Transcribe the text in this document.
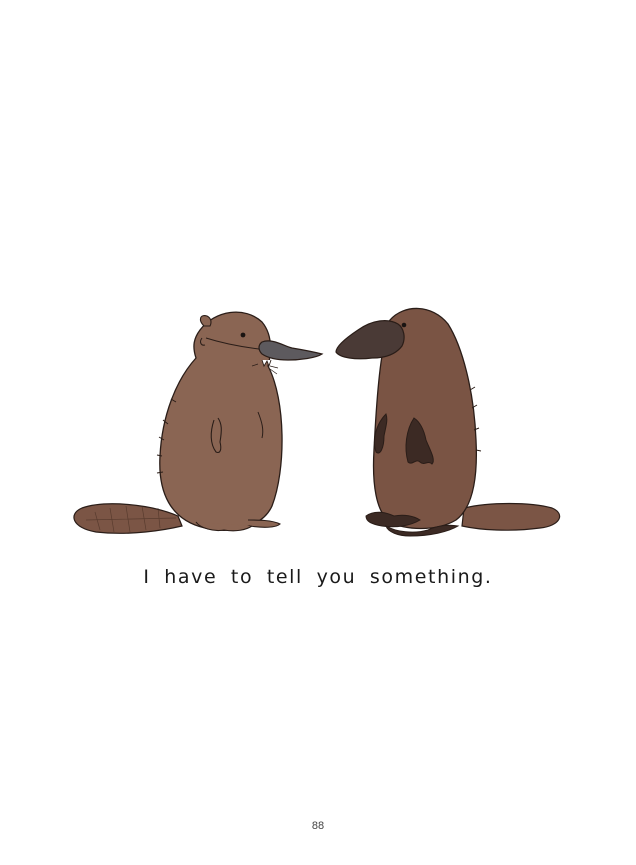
I have to tell you something.
88
